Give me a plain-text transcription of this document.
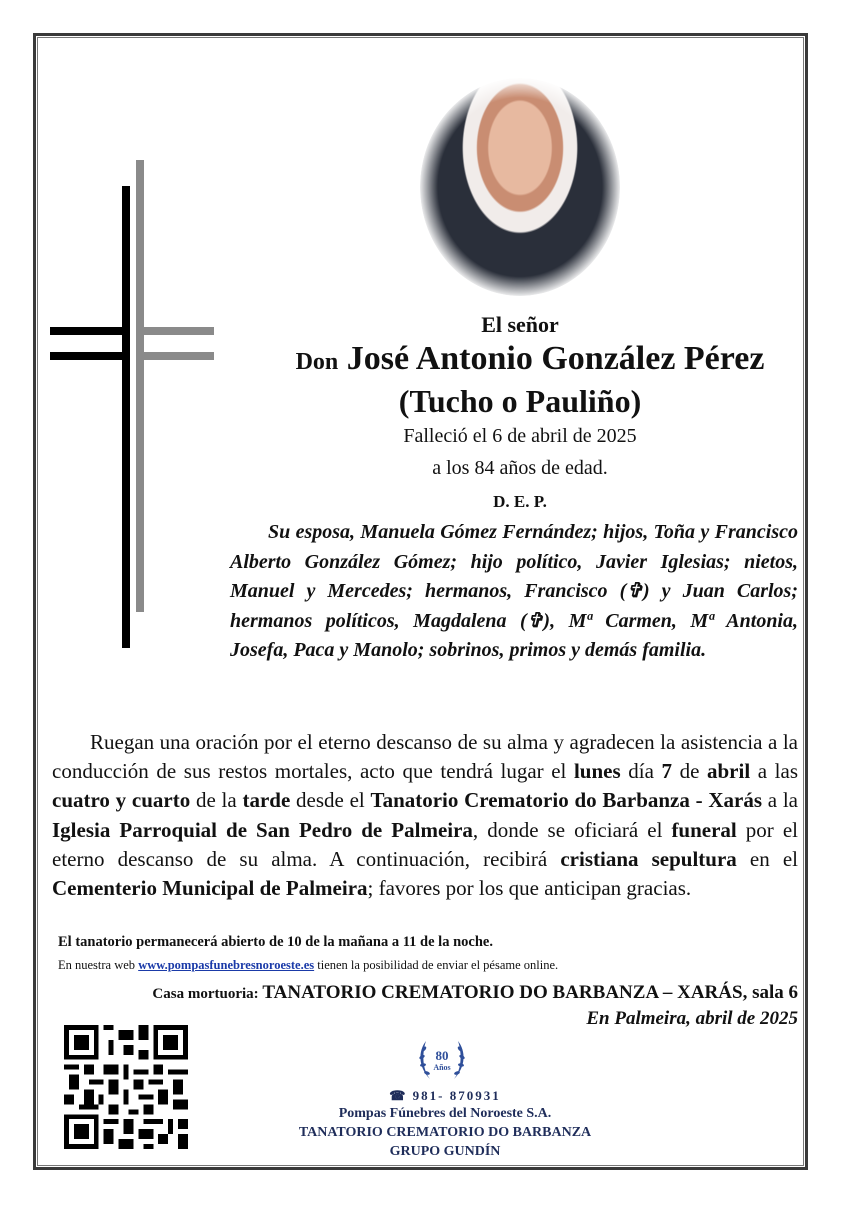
El señor
Don José Antonio González Pérez
(Tucho o Pauliño)
Falleció el 6 de abril de 2025
a los 84 años de edad.
D. E. P.

Su esposa, Manuela Gómez Fernández; hijos, Toña y Francisco Alberto González Gómez; hijo político, Javier Iglesias; nietos, Manuel y Mercedes; hermanos, Francisco (✞) y Juan Carlos; hermanos políticos, Magdalena (✞), Mª Carmen, Mª Antonia, Josefa, Paca y Manolo; sobrinos, primos y demás familia.

Ruegan una oración por el eterno descanso de su alma y agradecen la asistencia a la conducción de sus restos mortales, acto que tendrá lugar el lunes día 7 de abril a las cuatro y cuarto de la tarde desde el Tanatorio Crematorio do Barbanza - Xarás a la Iglesia Parroquial de San Pedro de Palmeira, donde se oficiará el funeral por el eterno descanso de su alma. A continuación, recibirá cristiana sepultura en el Cementerio Municipal de Palmeira; favores por los que anticipan gracias.

El tanatorio permanecerá abierto de 10 de la mañana a 11 de la noche.
En nuestra web www.pompasfunebresnoroeste.es tienen la posibilidad de enviar el pésame online.
Casa mortuoria: TANATORIO CREMATORIO DO BARBANZA – XARÁS, sala 6
En Palmeira, abril de 2025
80
Años
☎ 981- 870931
Pompas Fúnebres del Noroeste S.A.
TANATORIO CREMATORIO DO BARBANZA
GRUPO GUNDÍN
